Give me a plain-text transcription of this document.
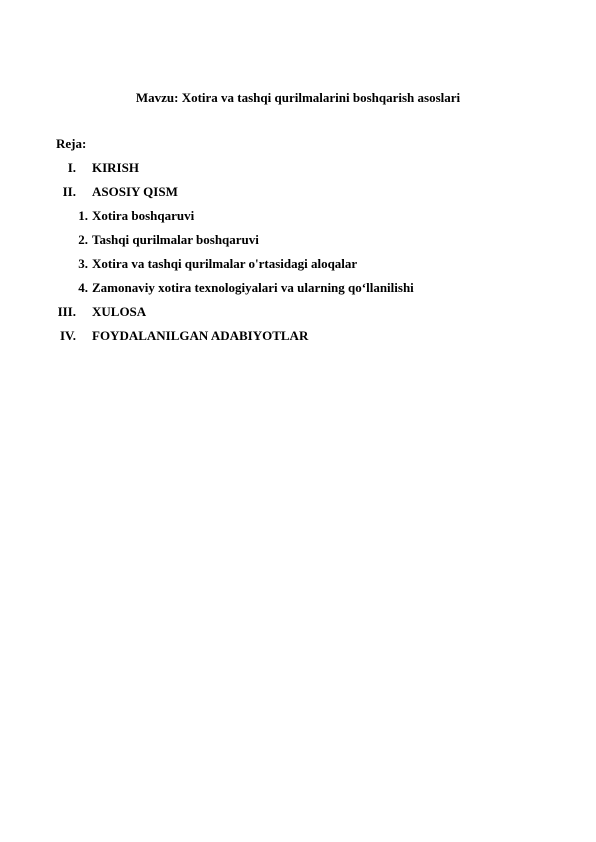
Mavzu: Xotira va tashqi qurilmalarini boshqarish asoslari
Reja:
I. KIRISH
II. ASOSIY QISM
1. Xotira boshqaruvi
2. Tashqi qurilmalar boshqaruvi
3. Xotira va tashqi qurilmalar o'rtasidagi aloqalar
4. Zamonaviy xotira texnologiyalari va ularning qo‘llanilishi
III. XULOSA
IV. FOYDALANILGAN ADABIYOTLAR
